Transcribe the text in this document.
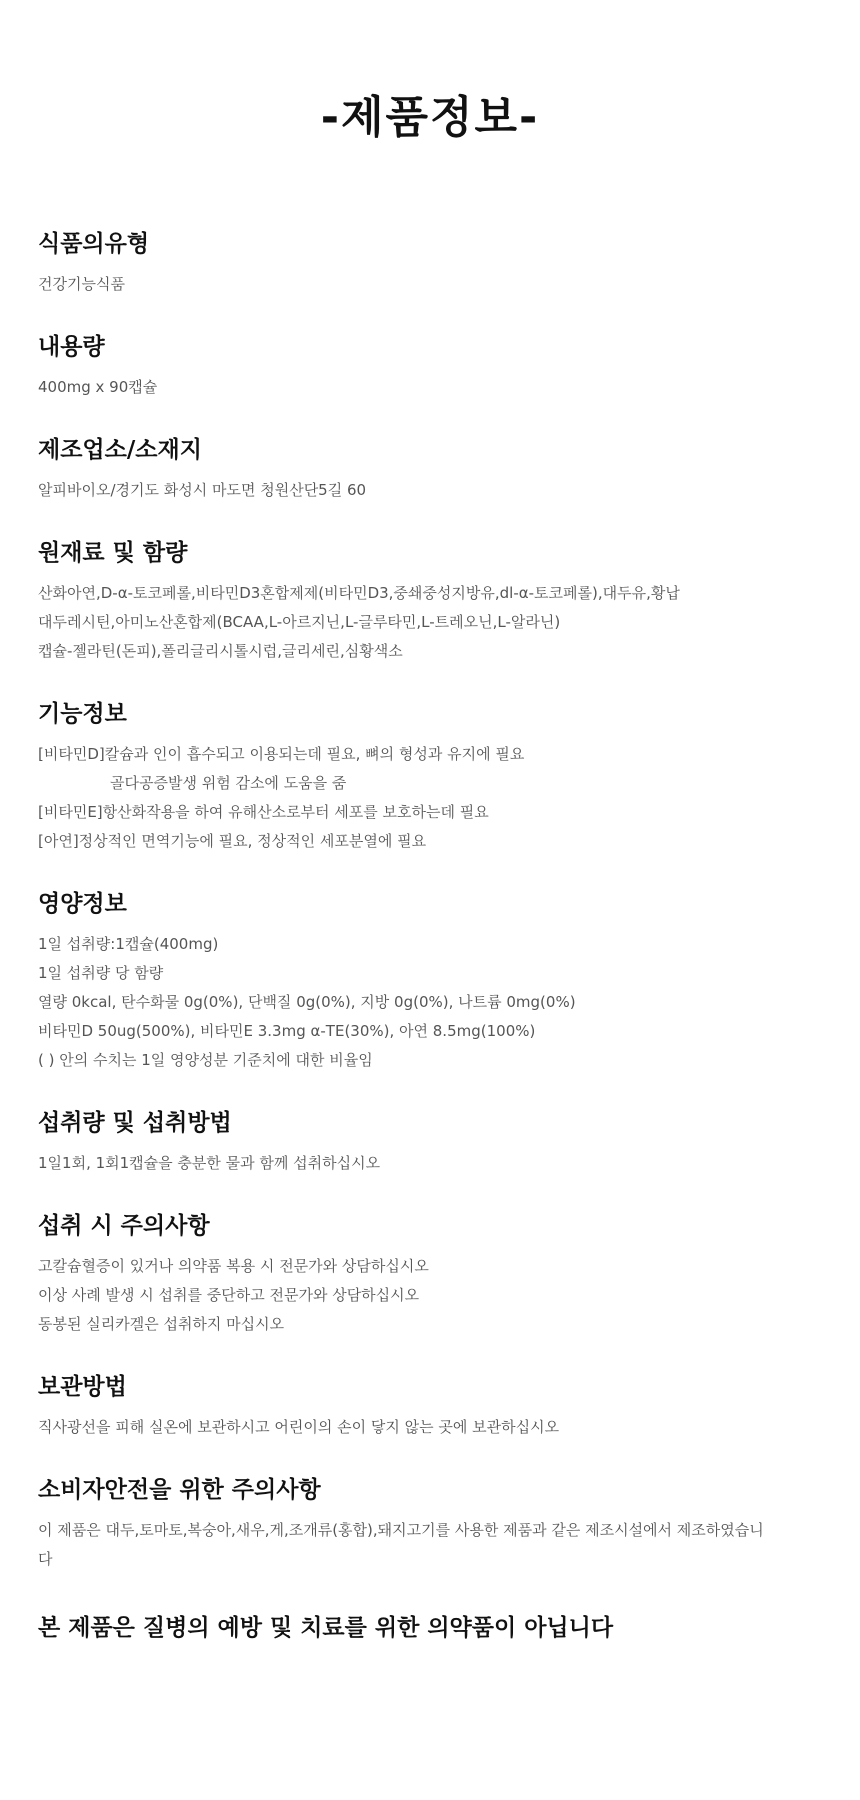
-제품정보-
식품의유형
건강기능식품
내용량
400mg x 90캡슐
제조업소/소재지
알피바이오/경기도 화성시 마도면 청원산단5길 60
원재료 및 함량
산화아연,D-α-토코페롤,비타민D3혼합제제(비타민D3,중쇄중성지방유,dl-α-토코페롤),대두유,황납
대두레시틴,아미노산혼합제(BCAA,L-아르지닌,L-글루타민,L-트레오닌,L-알라닌)
캡슐-젤라틴(돈피),폴리글리시톨시럽,글리세린,심황색소
기능정보
[비타민D]칼슘과 인이 흡수되고 이용되는데 필요, 뼈의 형성과 유지에 필요
골다공증발생 위험 감소에 도움을 줌
[비타민E]항산화작용을 하여 유해산소로부터 세포를 보호하는데 필요
[아연]정상적인 면역기능에 필요, 정상적인 세포분열에 필요
영양정보
1일 섭취량:1캡슐(400mg)
1일 섭취량 당 함량
열량 0kcal, 탄수화물 0g(0%), 단백질 0g(0%), 지방 0g(0%), 나트륨 0mg(0%)
비타민D 50ug(500%), 비타민E 3.3mg α-TE(30%), 아연 8.5mg(100%)
( ) 안의 수치는 1일 영양성분 기준치에 대한 비율임
섭취량 및 섭취방법
1일1회, 1회1캡슐을 충분한 물과 함께 섭취하십시오
섭취 시 주의사항
고칼슘혈증이 있거나 의약품 복용 시 전문가와 상담하십시오
이상 사례 발생 시 섭취를 중단하고 전문가와 상담하십시오
동봉된 실리카겔은 섭취하지 마십시오
보관방법
직사광선을 피해 실온에 보관하시고 어린이의 손이 닿지 않는 곳에 보관하십시오
소비자안전을 위한 주의사항
이 제품은 대두,토마토,복숭아,새우,게,조개류(홍합),돼지고기를 사용한 제품과 같은 제조시설에서 제조하였습니다
본 제품은 질병의 예방 및 치료를 위한 의약품이 아닙니다
